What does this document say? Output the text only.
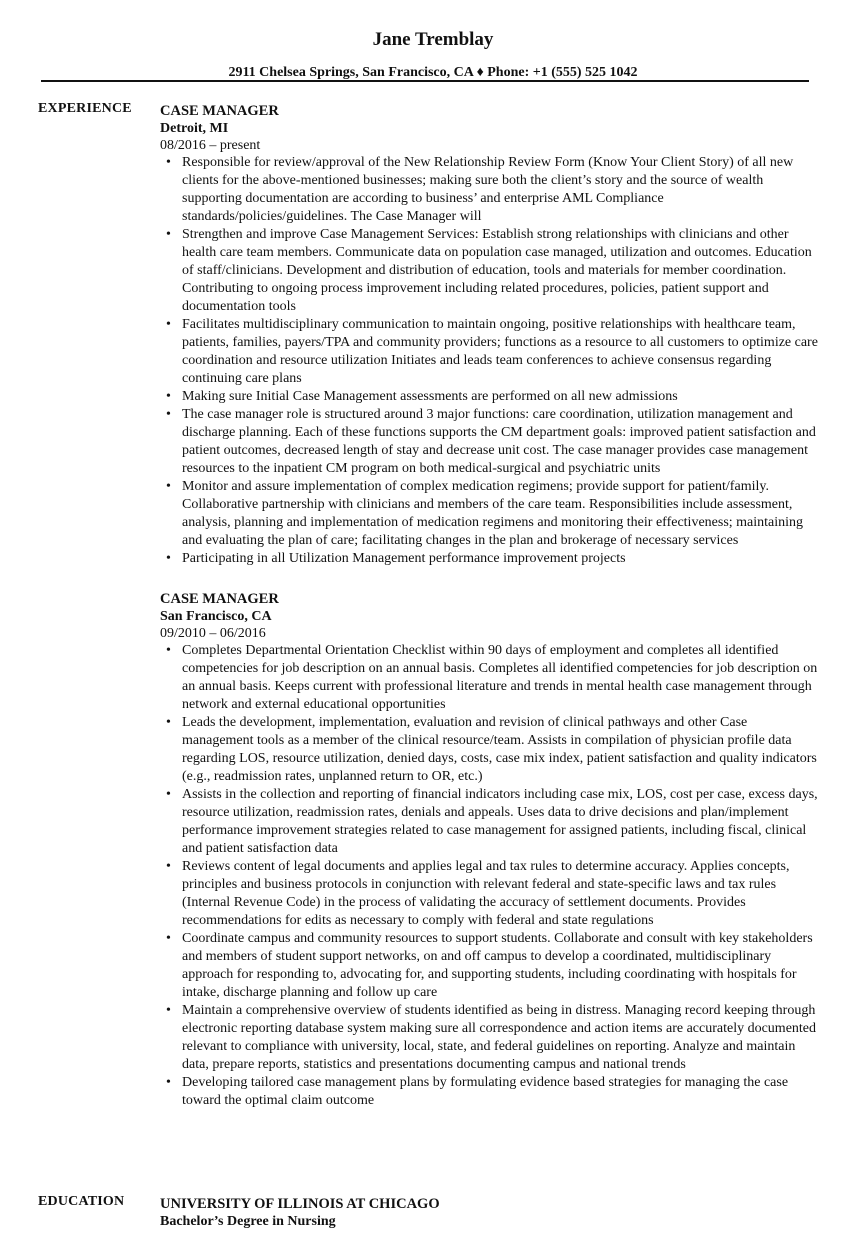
Jane Tremblay
2911 Chelsea Springs, San Francisco, CA ♦ Phone: +1 (555) 525 1042
EXPERIENCE CASE MANAGER
Detroit, MI
08/2016 – present
• Responsible for review/approval of the New Relationship Review Form (Know Your Client Story) of all new clients for the above-mentioned businesses; making sure both the client’s story and the source of wealth supporting documentation are according to business’ and enterprise AML Compliance standards/policies/guidelines. The Case Manager will
• Strengthen and improve Case Management Services: Establish strong relationships with clinicians and other health care team members. Communicate data on population case managed, utilization and outcomes. Education of staff/clinicians. Development and distribution of education, tools and materials for member coordination. Contributing to ongoing process improvement including related procedures, policies, patient support and documentation tools
• Facilitates multidisciplinary communication to maintain ongoing, positive relationships with healthcare team, patients, families, payers/TPA and community providers; functions as a resource to all customers to optimize care coordination and resource utilization Initiates and leads team conferences to achieve consensus regarding continuing care plans
• Making sure Initial Case Management assessments are performed on all new admissions
• The case manager role is structured around 3 major functions: care coordination, utilization management and discharge planning. Each of these functions supports the CM department goals: improved patient satisfaction and patient outcomes, decreased length of stay and decrease unit cost. The case manager provides case management resources to the inpatient CM program on both medical-surgical and psychiatric units
• Monitor and assure implementation of complex medication regimens; provide support for patient/family. Collaborative partnership with clinicians and members of the care team. Responsibilities include assessment, analysis, planning and implementation of medication regimens and monitoring their effectiveness; maintaining and evaluating the plan of care; facilitating changes in the plan and brokerage of necessary services
• Participating in all Utilization Management performance improvement projects
CASE MANAGER
San Francisco, CA
09/2010 – 06/2016
• Completes Departmental Orientation Checklist within 90 days of employment and completes all identified competencies for job description on an annual basis. Completes all identified competencies for job description on an annual basis. Keeps current with professional literature and trends in mental health case management through network and external educational opportunities
• Leads the development, implementation, evaluation and revision of clinical pathways and other Case management tools as a member of the clinical resource/team. Assists in compilation of physician profile data regarding LOS, resource utilization, denied days, costs, case mix index, patient satisfaction and quality indicators (e.g., readmission rates, unplanned return to OR, etc.)
• Assists in the collection and reporting of financial indicators including case mix, LOS, cost per case, excess days, resource utilization, readmission rates, denials and appeals. Uses data to drive decisions and plan/implement performance improvement strategies related to case management for assigned patients, including fiscal, clinical and patient satisfaction data
• Reviews content of legal documents and applies legal and tax rules to determine accuracy. Applies concepts, principles and business protocols in conjunction with relevant federal and state-specific laws and tax rules (Internal Revenue Code) in the process of validating the accuracy of settlement documents. Provides recommendations for edits as necessary to comply with federal and state regulations
• Coordinate campus and community resources to support students. Collaborate and consult with key stakeholders and members of student support networks, on and off campus to develop a coordinated, multidisciplinary approach for responding to, advocating for, and supporting students, including coordinating with hospitals for intake, discharge planning and follow up care
• Maintain a comprehensive overview of students identified as being in distress. Managing record keeping through electronic reporting database system making sure all correspondence and action items are accurately documented relevant to compliance with university, local, state, and federal guidelines on reporting. Analyze and maintain data, prepare reports, statistics and presentations documenting campus and national trends
• Developing tailored case management plans by formulating evidence based strategies for managing the case toward the optimal claim outcome
EDUCATION UNIVERSITY OF ILLINOIS AT CHICAGO
Bachelor’s Degree in Nursing
